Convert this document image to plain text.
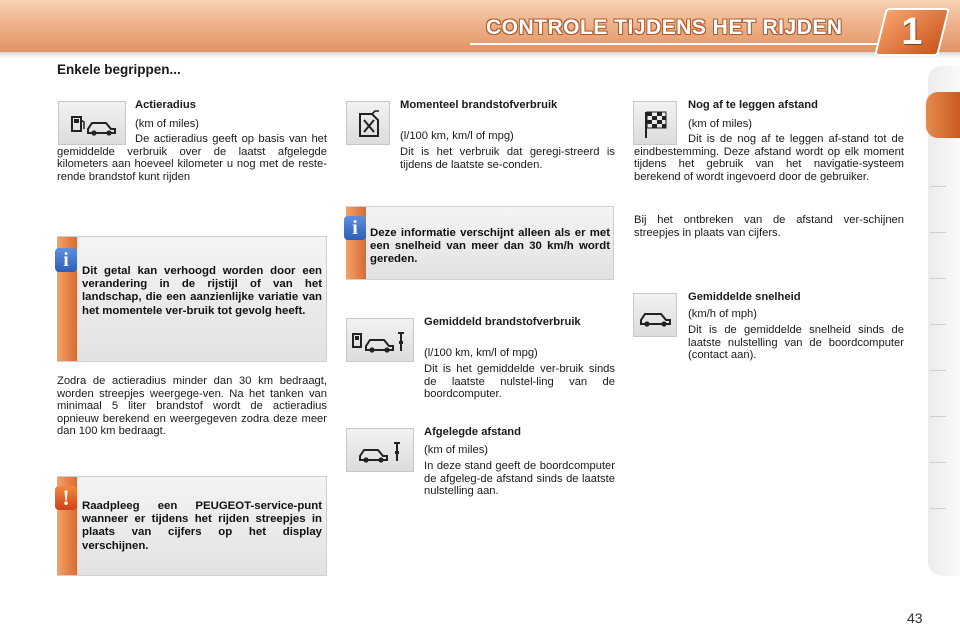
CONTROLE TIJDENS HET RIJDEN	1
Enkele begrippen...
Actieradius
(km of miles)
De actieradius geeft op basis van het gemiddelde verbruik over de laatst afgelegde kilometers aan hoeveel kilometer u nog met de reste-rende brandstof kunt rijden
i	Dit getal kan verhoogd worden door een verandering in de rijstijl of van het landschap, die een aanzienlijke variatie van het momentele ver-bruik tot gevolg heeft.
Zodra de actieradius minder dan 30 km bedraagt, worden streepjes weergege-ven. Na het tanken van minimaal 5 liter brandstof wordt de actieradius opnieuw berekend en weergegeven zodra deze meer dan 100 km bedraagt.
!	Raadpleeg een PEUGEOT-service-punt wanneer er tijdens het rijden streepjes in plaats van cijfers op het display verschijnen.
Momenteel brandstofverbruik
(l/100 km, km/l of mpg)
Dit is het verbruik dat geregi-streerd is tijdens de laatste se-conden.
i	Deze informatie verschijnt alleen als er met een snelheid van meer dan 30 km/h wordt gereden.
Gemiddeld brandstofverbruik
(l/100 km, km/l of mpg)
Dit is het gemiddelde ver-bruik sinds de laatste nulstel-ling van de boordcomputer.
Afgelegde afstand
(km of miles)
In deze stand geeft de boordcomputer de afgeleg-de afstand sinds de laatste nulstelling aan.
Nog af te leggen afstand
(km of miles)
Dit is de nog af te leggen af-stand tot de eindbestemming. Deze afstand wordt op elk moment tijdens het gebruik van het navigatie-systeem berekend of wordt ingevoerd door de gebruiker.
Bij het ontbreken van de afstand ver-schijnen streepjes in plaats van cijfers.
Gemiddelde snelheid
(km/h of mph)
Dit is de gemiddelde snelheid sinds de laatste nulstelling van de boordcomputer (contact aan).
43
